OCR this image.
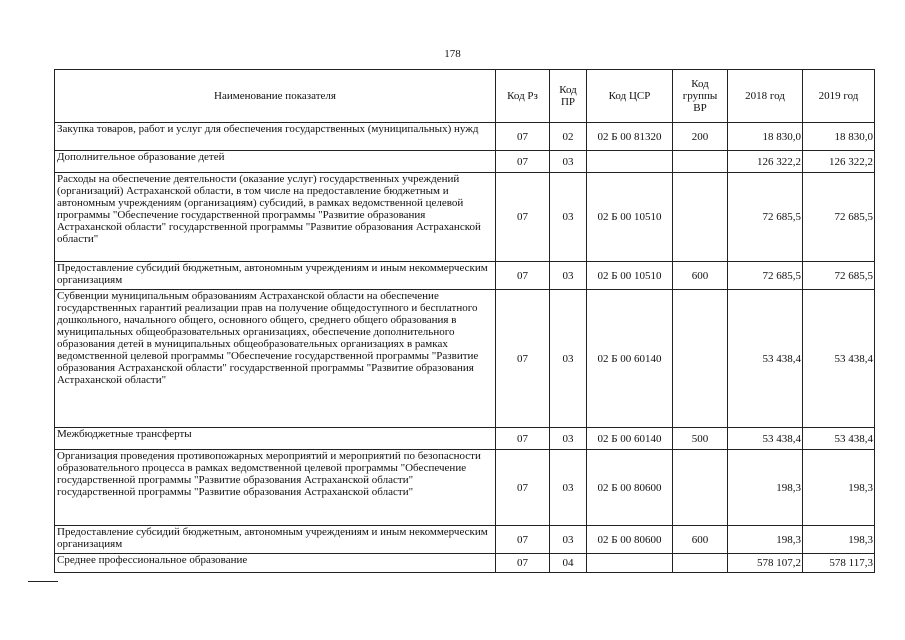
178
Наименование показателя	Код Рз	Код ПР	Код ЦСР	Код группы ВР	2018 год	2019 год
Закупка товаров, работ и услуг для обеспечения государственных (муниципальных) нужд	07	02	02 Б 00 81320	200	18 830,0	18 830,0
Дополнительное образование детей	07	03			126 322,2	126 322,2
Расходы на обеспечение деятельности (оказание услуг) государственных учреждений (организаций) Астраханской области, в том числе на предоставление бюджетным и автономным учреждениям (организациям) субсидий, в рамках ведомственной целевой программы "Обеспечение государственной программы "Развитие образования Астраханской области" государственной программы "Развитие образования Астраханской области"	07	03	02 Б 00 10510		72 685,5	72 685,5
Предоставление субсидий бюджетным, автономным учреждениям и иным некоммерческим организациям	07	03	02 Б 00 10510	600	72 685,5	72 685,5
Субвенции муниципальным образованиям Астраханской области на обеспечение государственных гарантий реализации прав на получение общедоступного и бесплатного дошкольного, начального общего, основного общего, среднего общего образования в муниципальных общеобразовательных организациях, обеспечение дополнительного образования детей в муниципальных общеобразовательных организациях в рамках ведомственной целевой программы "Обеспечение государственной программы "Развитие образования Астраханской области" государственной программы "Развитие образования Астраханской области"	07	03	02 Б 00 60140		53 438,4	53 438,4
Межбюджетные трансферты	07	03	02 Б 00 60140	500	53 438,4	53 438,4
Организация проведения противопожарных мероприятий и мероприятий по безопасности образовательного процесса в рамках ведомственной целевой программы "Обеспечение государственной программы "Развитие образования Астраханской области" государственной программы "Развитие образования Астраханской области"	07	03	02 Б 00 80600		198,3	198,3
Предоставление субсидий бюджетным, автономным учреждениям и иным некоммерческим организациям	07	03	02 Б 00 80600	600	198,3	198,3
Среднее профессиональное образование	07	04			578 107,2	578 117,3
